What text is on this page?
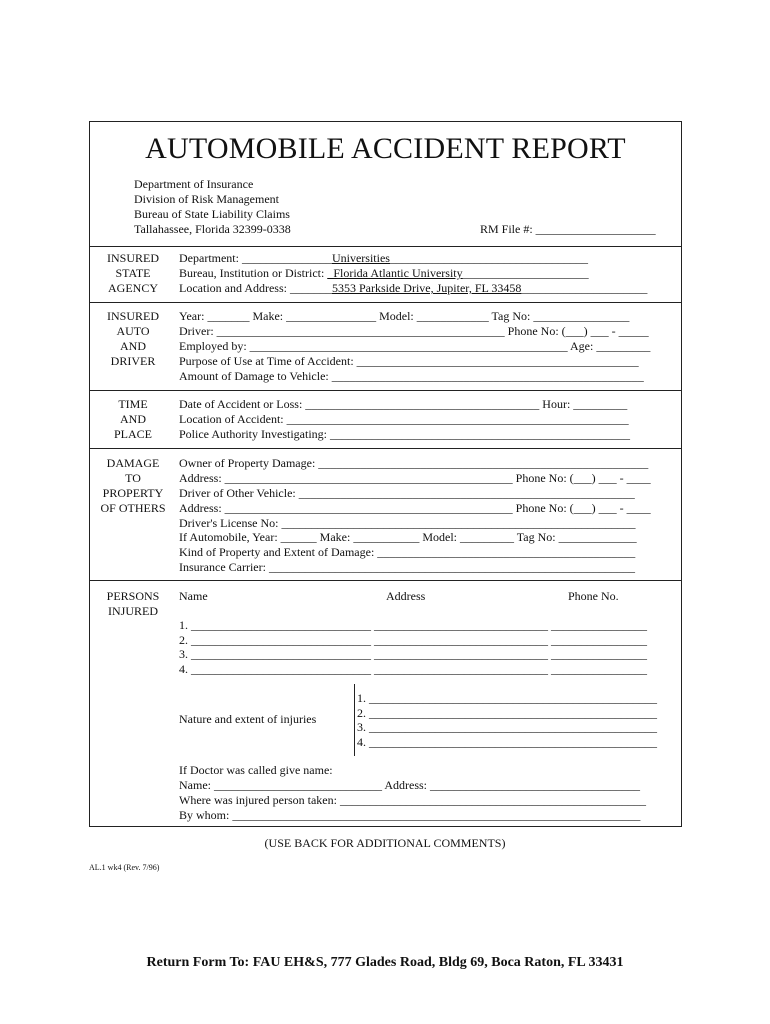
AUTOMOBILE ACCIDENT REPORT
Department of Insurance
Division of Risk Management
Bureau of State Liability Claims
Tallahassee, Florida 32399-0338	RM File #: ____________________
INSURED
STATE
AGENCY
Department: _______________Universities_________________________________
Bureau, Institution or District: _Florida Atlantic University_____________________
Location and Address: _______5353 Parkside Drive, Jupiter, FL 33458_____________________
INSURED
AUTO
AND
DRIVER
Year: _______ Make: _______________ Model: ____________ Tag No: ________________
Driver: ________________________________________________ Phone No: (___) ___ - _____
Employed by: _____________________________________________________ Age: _________
Purpose of Use at Time of Accident: _______________________________________________
Amount of Damage to Vehicle: ____________________________________________________
TIME
AND
PLACE
Date of Accident or Loss: _______________________________________ Hour: _________
Location of Accident: _________________________________________________________
Police Authority Investigating: __________________________________________________
DAMAGE
TO
PROPERTY
OF OTHERS
Owner of Property Damage: _______________________________________________________
Address: ________________________________________________ Phone No: (___) ___ - ____
Driver of Other Vehicle: ________________________________________________________
Address: ________________________________________________ Phone No: (___) ___ - ____
Driver's License No: ___________________________________________________________
If Automobile, Year: ______ Make: ___________ Model: _________ Tag No: _____________
Kind of Property and Extent of Damage: ___________________________________________
Insurance Carrier: _____________________________________________________________
PERSONS
INJURED
Name	Address	Phone No.
1. ______________________________ _____________________________ ________________
2. ______________________________ _____________________________ ________________
3. ______________________________ _____________________________ ________________
4. ______________________________ _____________________________ ________________
Nature and extent of injuries
1. ________________________________________________
2. ________________________________________________
3. ________________________________________________
4. ________________________________________________
If Doctor was called give name:
Name: ____________________________ Address: ___________________________________
Where was injured person taken: ___________________________________________________
By whom: ____________________________________________________________________
(USE BACK FOR ADDITIONAL COMMENTS)
AL.1 wk4 (Rev. 7/96)
Return Form To: FAU EH&S, 777 Glades Road, Bldg 69, Boca Raton, FL 33431
